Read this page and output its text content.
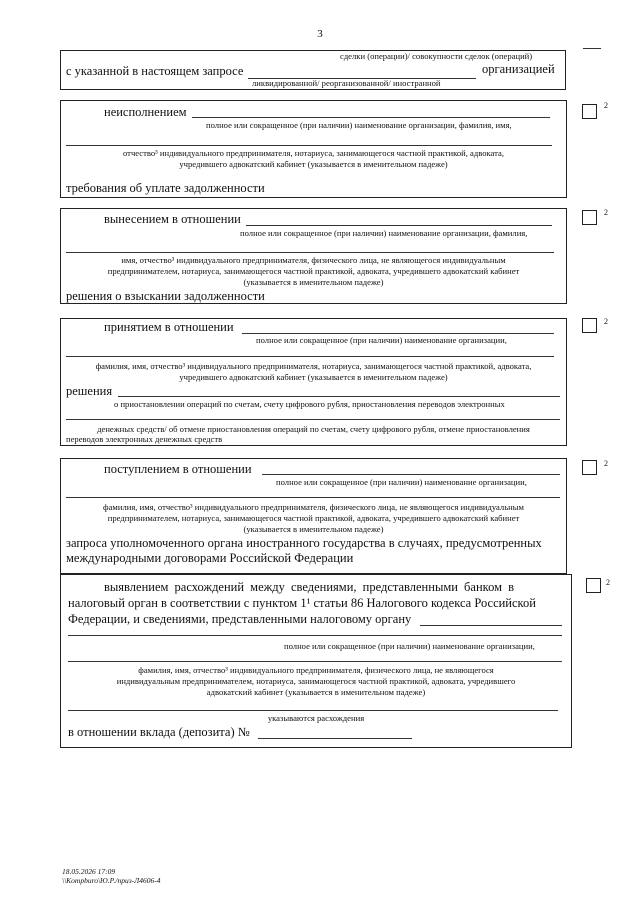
3
сделки (операции)/ совокупности сделок (операций)
с указанной в настоящем запросе	организацией
ликвидированной/ реорганизованной/ иностранной
неисполнением
полное или сокращенное (при наличии) наименование организации, фамилия, имя,
отчество³ индивидуального предпринимателя, нотариуса, занимающегося частной практикой, адвоката,
учредившего адвокатский кабинет (указывается в именительном падеже)
требования об уплате задолженности
2
вынесением в отношении
полное или сокращенное (при наличии) наименование организации, фамилия,
имя, отчество³ индивидуального предпринимателя, физического лица, не являющегося индивидуальным
предпринимателем, нотариуса, занимающегося частной практикой, адвоката, учредившего адвокатский кабинет
(указывается в именительном падеже)
решения о взыскании задолженности
2
принятием в отношении
полное или сокращенное (при наличии) наименование организации,
фамилия, имя, отчество³ индивидуального предпринимателя, нотариуса, занимающегося частной практикой, адвоката,
учредившего адвокатский кабинет (указывается в именительном падеже)
решения
о приостановлении операций по счетам, счету цифрового рубля, приостановления переводов электронных
денежных средств/ об отмене приостановления операций по счетам, счету цифрового рубля, отмене приостановления
переводов электронных денежных средств
2
поступлением в отношении
полное или сокращенное (при наличии) наименование организации,
фамилия, имя, отчество³ индивидуального предпринимателя, физического лица, не являющегося индивидуальным
предпринимателем, нотариуса, занимающегося частной практикой, адвоката, учредившего адвокатский кабинет
(указывается в именительном падеже)
запроса уполномоченного органа иностранного государства в случаях, предусмотренных
международными договорами Российской Федерации
2
выявлением расхождений между сведениями, представленными банком в
налоговый орган в соответствии с пунктом 1¹ статьи 86 Налогового кодекса Российской
Федерации, и сведениями, представленными налоговому органу
полное или сокращенное (при наличии) наименование организации,
фамилия, имя, отчество³ индивидуального предпринимателя, физического лица, не являющегося
индивидуальным предпринимателем, нотариуса, занимающегося частной практикой, адвоката, учредившего
адвокатский кабинет (указывается в именительном падеже)
указываются расхождения
в отношении вклада (депозита) №
2
18.05.2026 17:09
\\Kompburo\Ю.Р./приз-Л4606-4
